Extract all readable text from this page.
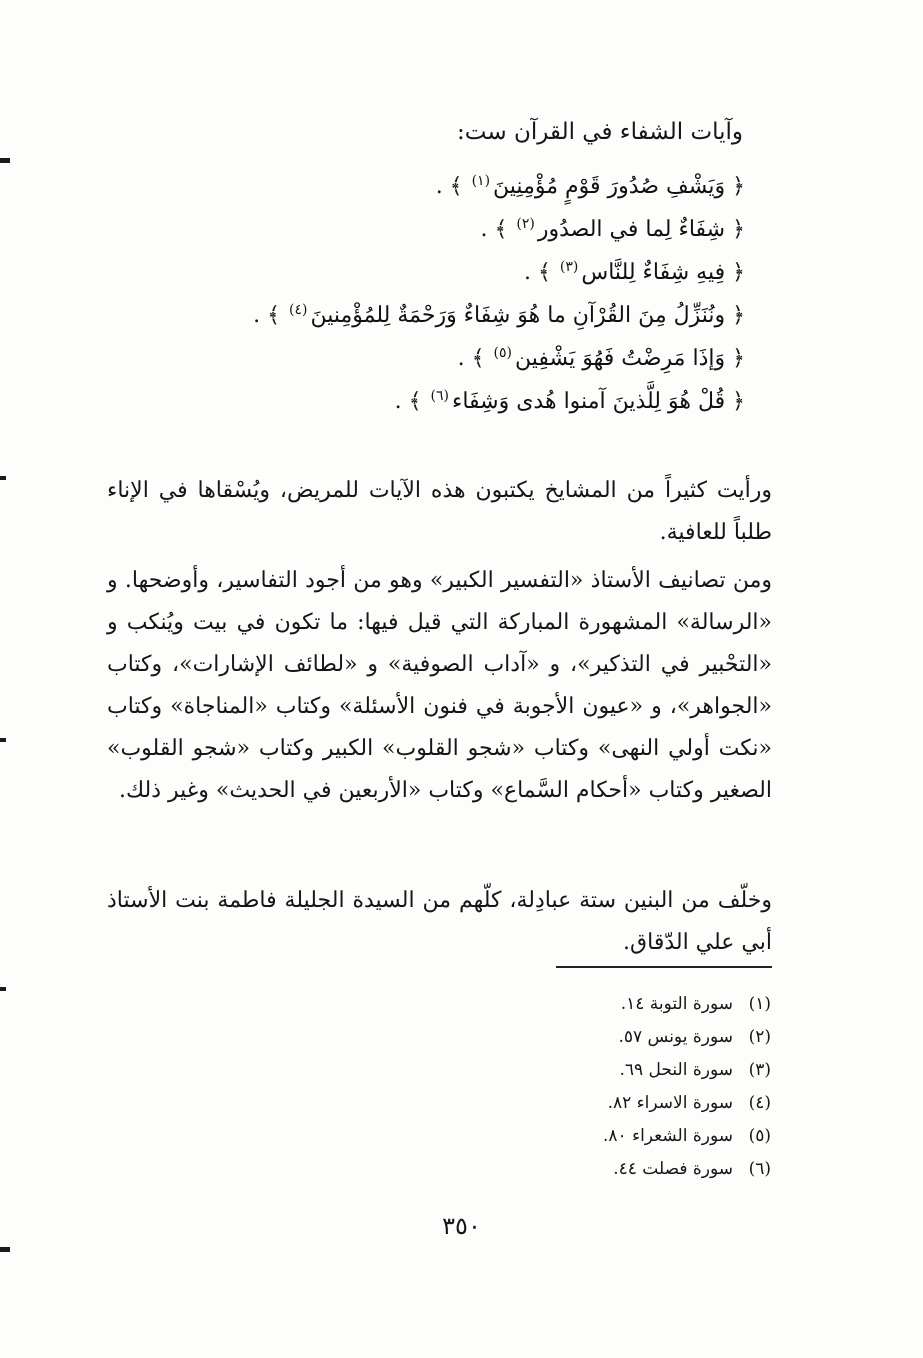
وآيات الشفاء في القرآن ست:
﴿ وَيَشْفِ صُدُورَ قَوْمٍ مُؤْمِنِينَ$^{(١)}$﴾ .
﴿ شِفَاءٌ لِما في الصدُور$^{(٢)}$﴾ .
﴿ فِيهِ شِفَاءٌ لِلنَّاس$^{(٣)}$﴾ .
﴿ ونُنَزِّلُ مِنَ القُرْآنِ ما هُوَ شِفَاءٌ وَرَحْمَةٌ لِلمُؤْمِنينَ$^{(٤)}$﴾ .
﴿ وَإذَا مَرِضْتُ فَهُوَ يَشْفِين$^{(٥)}$﴾ .
﴿ قُلْ هُوَ لِلَّذينَ آمنوا هُدى وَشِفَاء$^{(٦)}$﴾ .

ورأيت كثيراً من المشايخ يكتبون هذه الآيات للمريض، ويُسْقاها في الإناء طلباً للعافية.

ومن تصانيف الأستاذ «التفسير الكبير» وهو من أجود التفاسير، وأوضحها. و «الرسالة» المشهورة المباركة التي قيل فيها: ما تكون في بيت ويُنكب و «التحْبير في التذكير»، و «آداب الصوفية» و «لطائف الإشارات»، وكتاب «الجواهر»، و «عيون الأجوبة في فنون الأسئلة» وكتاب «المناجاة» وكتاب «نكت أولي النهى» وكتاب «شجو القلوب» الكبير وكتاب «شجو القلوب» الصغير وكتاب «أحكام السَّماع» وكتاب «الأربعين في الحديث» وغير ذلك.

وخلّف من البنين ستة عبادِلة، كلّهم من السيدة الجليلة فاطمة بنت الأستاذ أبي علي الدّقاق.

(١)سورة التوبة ١٤.
(٢)سورة يونس ٥٧.
(٣)سورة النحل ٦٩.
(٤)سورة الاسراء ٨٢.
(٥)سورة الشعراء ٨٠.
(٦)سورة فصلت ٤٤.
٣٥٠
